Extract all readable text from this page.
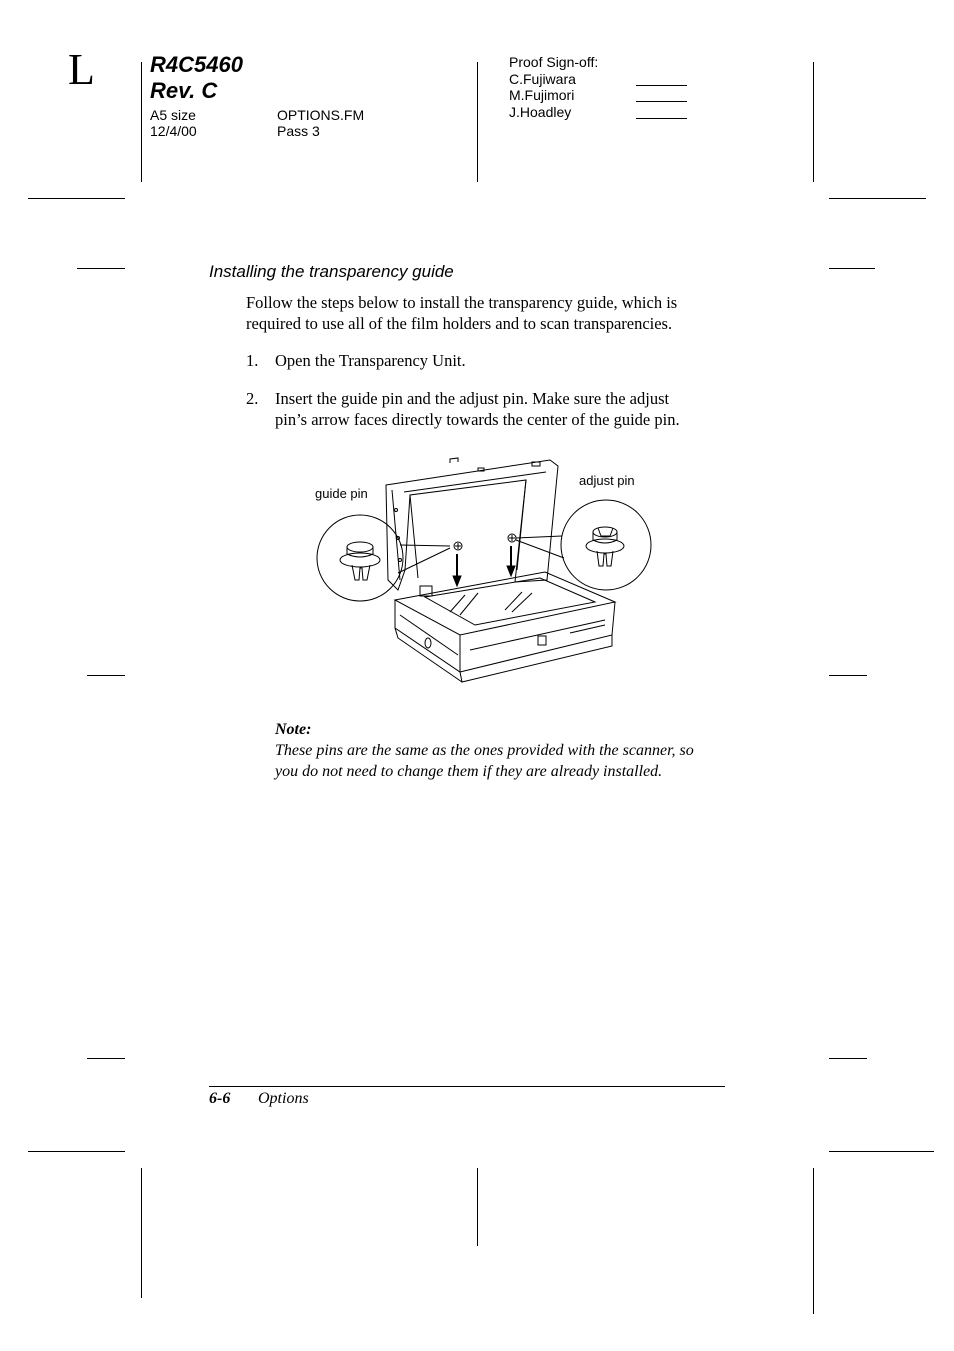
L	R4C5460
Rev. C
A5 size
12/4/00
OPTIONS.FM
Pass 3
Proof Sign-off:
C.Fujiwara
M.Fujimori
J.Hoadley
Installing the transparency guide
Follow the steps below to install the transparency guide, which is
required to use all of the film holders and to scan transparencies.
1. Open the Transparency Unit.
2. Insert the guide pin and the adjust pin. Make sure the adjust
pin’s arrow faces directly towards the center of the guide pin.
guide pin
adjust pin
Note:
These pins are the same as the ones provided with the scanner, so
you do not need to change them if they are already installed.
6-6 Options
